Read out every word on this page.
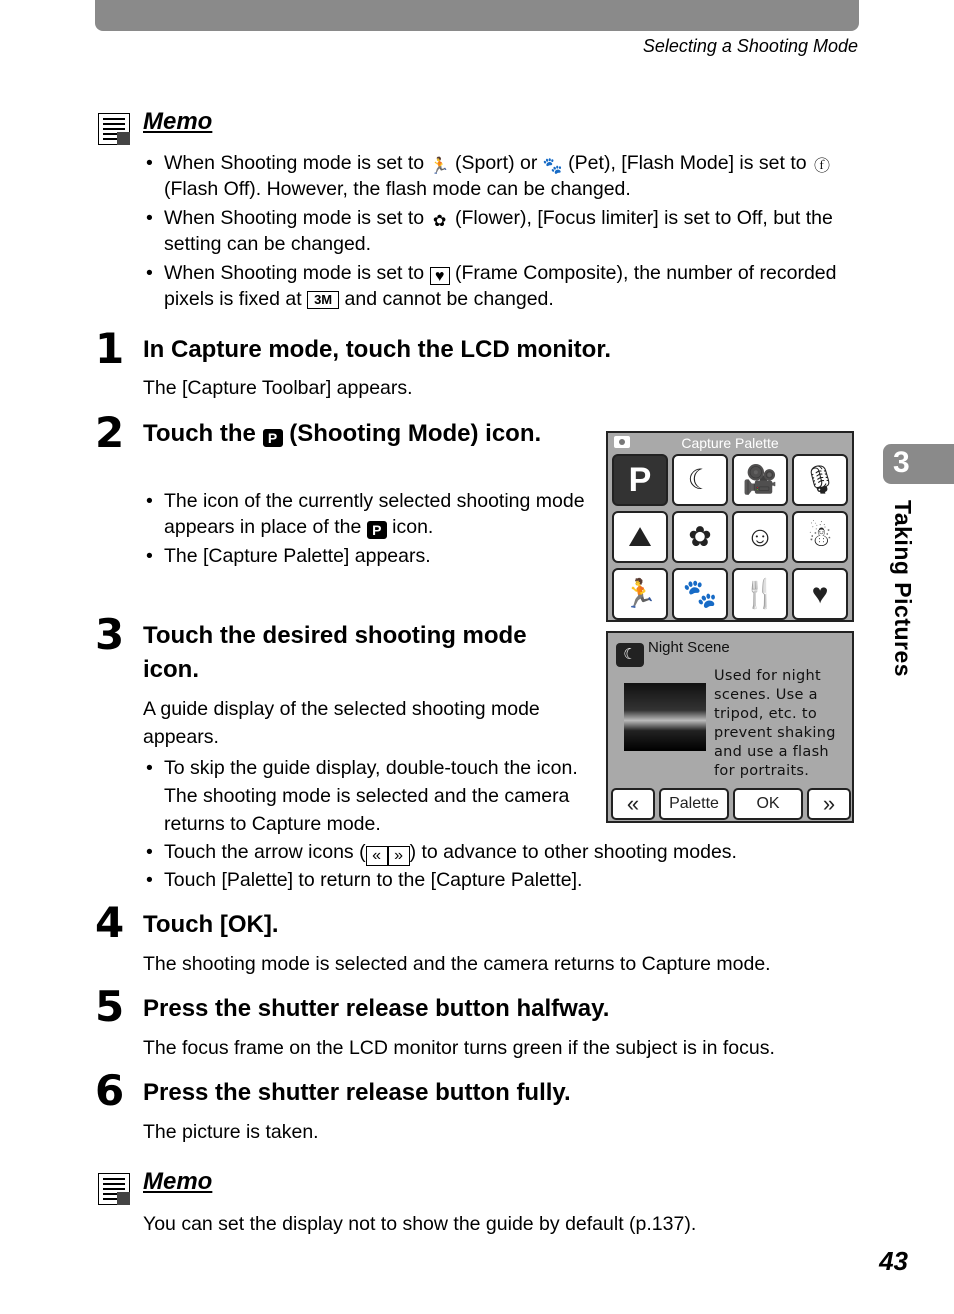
Selecting a Shooting Mode
Memo
• When Shooting mode is set to 🏃 (Sport) or 🐾 (Pet), [Flash Mode] is set to ⓕ (Flash Off). However, the flash mode can be changed.
• When Shooting mode is set to ✿ (Flower), [Focus limiter] is set to Off, but the setting can be changed.
• When Shooting mode is set to ♥ (Frame Composite), the number of recorded pixels is fixed at 3M and cannot be changed.
1 In Capture mode, touch the LCD monitor.
The [Capture Toolbar] appears.
2 Touch the P (Shooting Mode) icon.
• The icon of the currently selected shooting mode appears in place of the P icon.
• The [Capture Palette] appears.
3 Touch the desired shooting mode icon.
A guide display of the selected shooting mode appears.
• To skip the guide display, double-touch the icon. The shooting mode is selected and the camera returns to Capture mode.
• Touch the arrow icons ( « » ) to advance to other shooting modes.
• Touch [Palette] to return to the [Capture Palette].
4 Touch [OK].
The shooting mode is selected and the camera returns to Capture mode.
5 Press the shutter release button halfway.
The focus frame on the LCD monitor turns green if the subject is in focus.
6 Press the shutter release button fully.
The picture is taken.
Memo
You can set the display not to show the guide by default (p.137).
3
Taking Pictures
43
Capture Palette
P	☾	🎥 🎙
⛰	✿	☺	☃
🏃 🐾 🍴	♥
☾ Night Scene
Used for night scenes. Use a tripod, etc. to prevent shaking and use a flash for portraits.
«	Palette	OK	»
